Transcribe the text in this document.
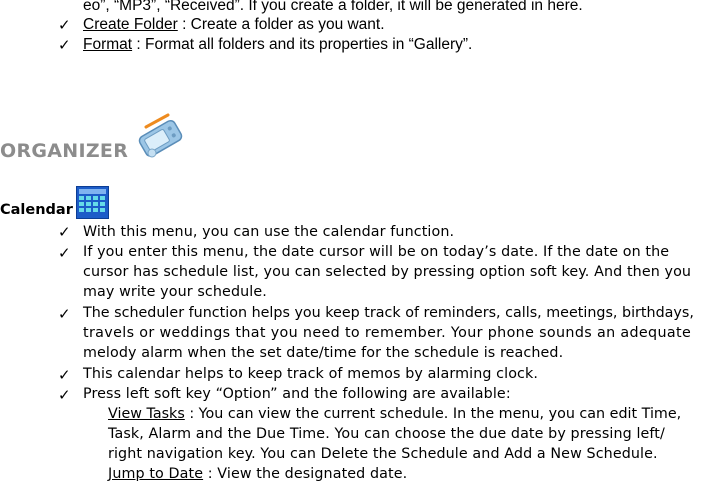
eo”, “MP3”, “Received”. If you create a folder, it will be generated in here.
✓ Create Folder : Create a folder as you want.
✓ Format : Format all folders and its properties in “Gallery”.
ORGANIZER
Calendar
✓ With this menu, you can use the calendar function.
✓ If you enter this menu, the date cursor will be on today’s date. If the date on the
cursor has schedule list, you can selected by pressing option soft key. And then you
may write your schedule.
✓ The scheduler function helps you keep track of reminders, calls, meetings, birthdays,
travels or weddings that you need to remember. Your phone sounds an adequate
melody alarm when the set date/time for the schedule is reached.
✓ This calendar helps to keep track of memos by alarming clock.
✓ Press left soft key “Option” and the following are available:
View Tasks : You can view the current schedule. In the menu, you can edit Time,
Task, Alarm and the Due Time. You can choose the due date by pressing left/
right navigation key. You can Delete the Schedule and Add a New Schedule.
Jump to Date : View the designated date.
